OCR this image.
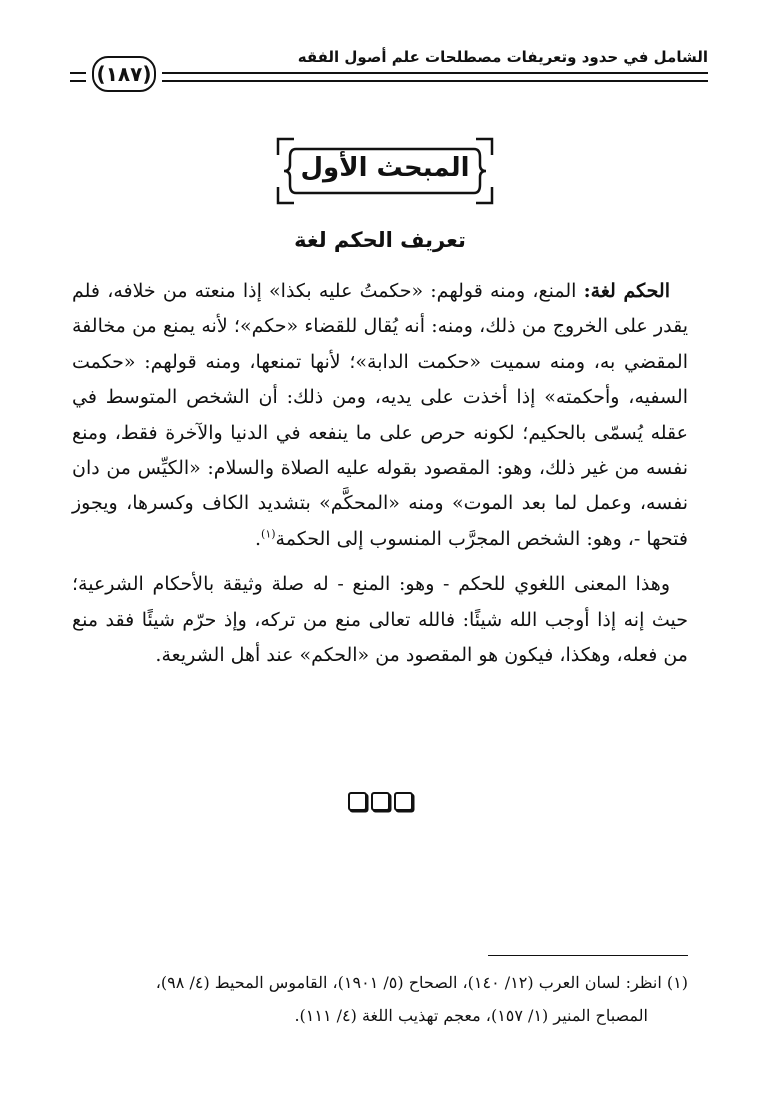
الشامل في حدود وتعريفات مصطلحات علم أصول الفقه
(١٨٧)
المبحث الأول
تعريف الحكم لغة

الحكم لغة: المنع، ومنه قولهم: «حكمتُ عليه بكذا» إذا منعته من خلافه، فلم يقدر على الخروج من ذلك، ومنه: أنه يُقال للقضاء «حكم»؛ لأنه يمنع من مخالفة المقضي به، ومنه سميت «حكمت الدابة»؛ لأنها تمنعها، ومنه قولهم: «حكمت السفيه، وأحكمته» إذا أخذت على يديه، ومن ذلك: أن الشخص المتوسط في عقله يُسمّى بالحكيم؛ لكونه حرص على ما ينفعه في الدنيا والآخرة فقط، ومنع نفسه من غير ذلك، وهو: المقصود بقوله عليه الصلاة والسلام: «الكيِّس من دان نفسه، وعمل لما بعد الموت» ومنه «المحكَّم» بتشديد الكاف وكسرها، ويجوز فتحها -، وهو: الشخص المجرَّب المنسوب إلى الحكمة$^{(١)}$.

وهذا المعنى اللغوي للحكم - وهو: المنع - له صلة وثيقة بالأحكام الشرعية؛ حيث إنه إذا أوجب الله شيئًا: فالله تعالى منع من تركه، وإذ حرّم شيئًا فقد منع من فعله، وهكذا، فيكون هو المقصود من «الحكم» عند أهل الشريعة.

(١) انظر: لسان العرب (١٢/ ١٤٠)، الصحاح (٥/ ١٩٠١)، القاموس المحيط (٤/ ٩٨)،

المصباح المنير (١/ ١٥٧)، معجم تهذيب اللغة (٤/ ١١١).
